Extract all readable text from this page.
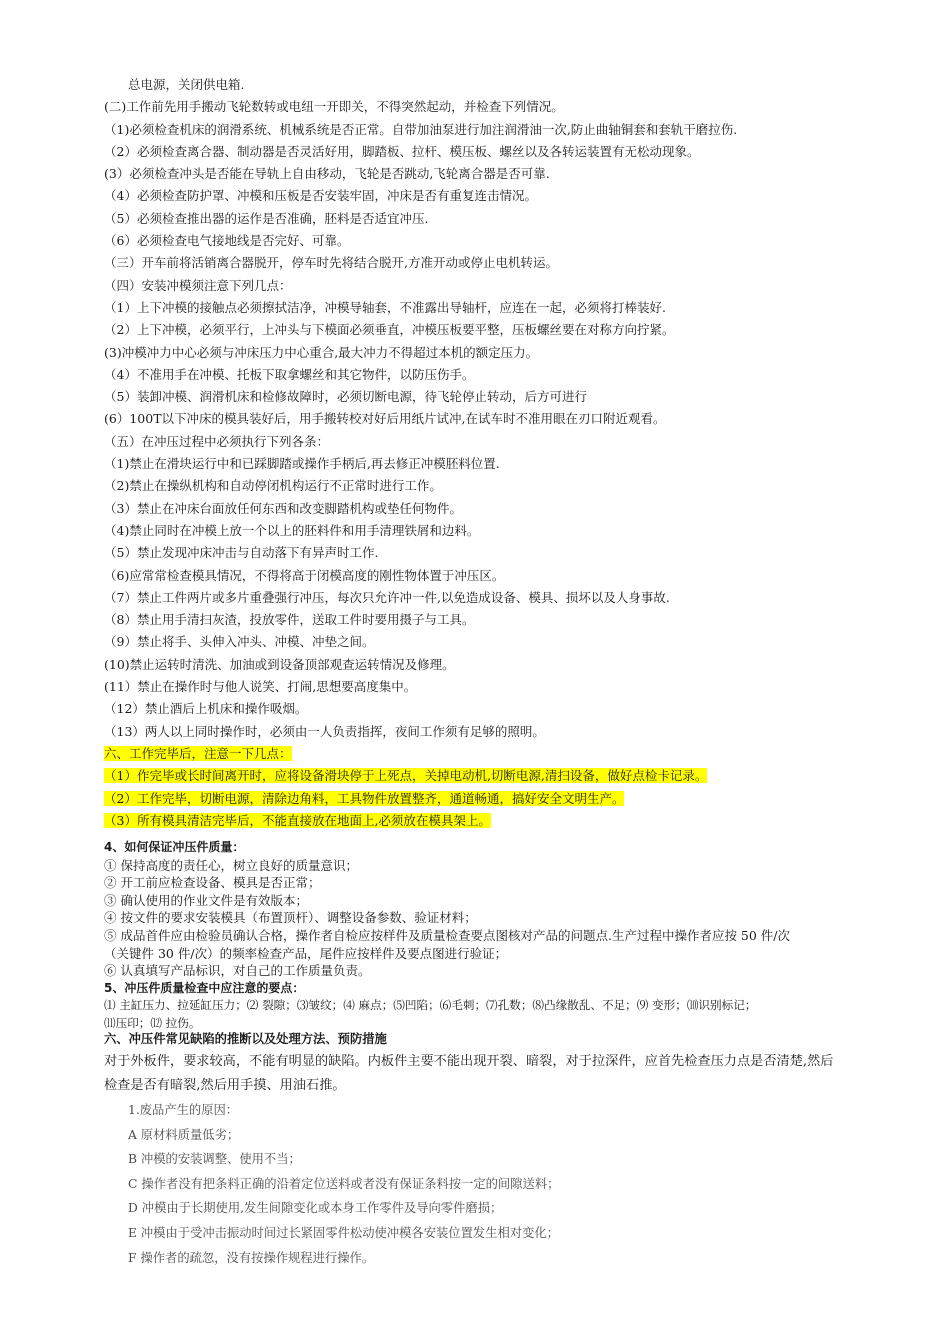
总电源，关闭供电箱.
(二)工作前先用手搬动飞轮数转或电纽一开即关，不得突然起动，并检查下列情况。
（1)必须检查机床的润滑系统、机械系统是否正常。自带加油泵进行加注润滑油一次,防止曲轴铜套和套轨干磨拉伤.
（2）必须检查离合器、制动器是否灵活好用，脚踏板、拉杆、模压板、螺丝以及各转运装置有无松动现象。
(3）必须检查冲头是否能在导轨上自由移动，飞轮是否跳动,飞轮离合器是否可靠.
（4）必须检查防护罩、冲模和压板是否安装牢固，冲床是否有重复连击情况。
（5）必须检查推出器的运作是否准确，胚料是否适宜冲压.
（6）必须检查电气接地线是否完好、可靠。
（三）开车前将活销离合器脱开，停车时先将结合脱开,方准开动或停止电机转运。
（四）安装冲模须注意下列几点：
（1）上下冲模的接触点必须擦拭洁净，冲模导轴套，不准露出导轴杆，应连在一起，必须将打棒装好.
（2）上下冲模，必须平行，上冲头与下模面必须垂直，冲模压板要平整，压板螺丝要在对称方向拧紧。
(3)冲模冲力中心必须与冲床压力中心重合,最大冲力不得超过本机的额定压力。
（4）不准用手在冲模、托板下取拿螺丝和其它物件，以防压伤手。
（5）装卸冲模、润滑机床和检修故障时，必须切断电源，待飞轮停止转动，后方可进行
(6）100T以下冲床的模具装好后，用手搬转校对好后用纸片试冲,在试车时不准用眼在刃口附近观看。
（五）在冲压过程中必须执行下列各条：
（1)禁止在滑块运行中和已踩脚踏或操作手柄后,再去修正冲模胚料位置.
（2)禁止在操纵机构和自动停闭机构运行不正常时进行工作。
（3）禁止在冲床台面放任何东西和改变脚踏机构或垫任何物件。
（4)禁止同时在冲模上放一个以上的胚料件和用手清理铁屑和边料。
（5）禁止发现冲床冲击与自动落下有异声时工作.
（6)应常常检查模具情况，不得将高于闭模高度的刚性物体置于冲压区。
（7）禁止工件两片或多片重叠强行冲压，每次只允许冲一件,以免造成设备、模具、损坏以及人身事故.
（8）禁止用手清扫灰渣，投放零件，送取工件时要用摄子与工具。
（9）禁止将手、头伸入冲头、冲模、冲垫之间。
(10)禁止运转时清洗、加油或到设备顶部观查运转情况及修理。
(11）禁止在操作时与他人说笑、打闹,思想要高度集中。
（12）禁止酒后上机床和操作吸烟。
（13）两人以上同时操作时，必须由一人负责指挥，夜间工作须有足够的照明。
六、工作完毕后，注意一下几点：
（1）作完毕或长时间离开时，应将设备滑块停于上死点，关掉电动机,切断电源,清扫设备，做好点检卡记录。
（2）工作完毕，切断电源，清除边角料，工具物件放置整齐，通道畅通，搞好安全文明生产。
（3）所有模具清洁完毕后，不能直接放在地面上,必须放在模具架上。
4、如何保证冲压件质量：
① 保持高度的责任心，树立良好的质量意识；
② 开工前应检查设备、模具是否正常；
③ 确认使用的作业文件是有效版本；
④ 按文件的要求安装模具（布置顶杆）、调整设备参数、验证材料；
⑤ 成品首件应由检验员确认合格，操作者自检应按样件及质量检查要点图核对产品的问题点.生产过程中操作者应按 50 件/次
（关键件 30 件/次）的频率检查产品，尾件应按样件及要点图进行验证；
⑥ 认真填写产品标识，对自己的工作质量负责。
5、冲压件质量检查中应注意的要点：
⑴ 主缸压力、拉延缸压力；⑵ 裂隙；⑶皱纹；⑷ 麻点；⑸凹陷；⑹毛刺；⑺孔数；⑻凸缘散乱、不足；⑼ 变形；⑽识别标记；
⑾压印；⑿ 拉伤。
六、冲压件常见缺陷的推断以及处理方法、预防措施
对于外板件，要求较高，不能有明显的缺陷。内板件主要不能出现开裂、暗裂，对于拉深件，应首先检查压力点是否清楚,然后
检查是否有暗裂,然后用手摸、用油石推。
1.废品产生的原因：
A 原材料质量低劣；
B 冲模的安装调整、使用不当；
C 操作者没有把条料正确的沿着定位送料或者没有保证条料按一定的间隙送料；
D 冲模由于长期使用,发生间隙变化或本身工作零件及导向零件磨损；
E 冲模由于受冲击振动时间过长紧固零件松动使冲模各安装位置发生相对变化；
F 操作者的疏忽，没有按操作规程进行操作。
